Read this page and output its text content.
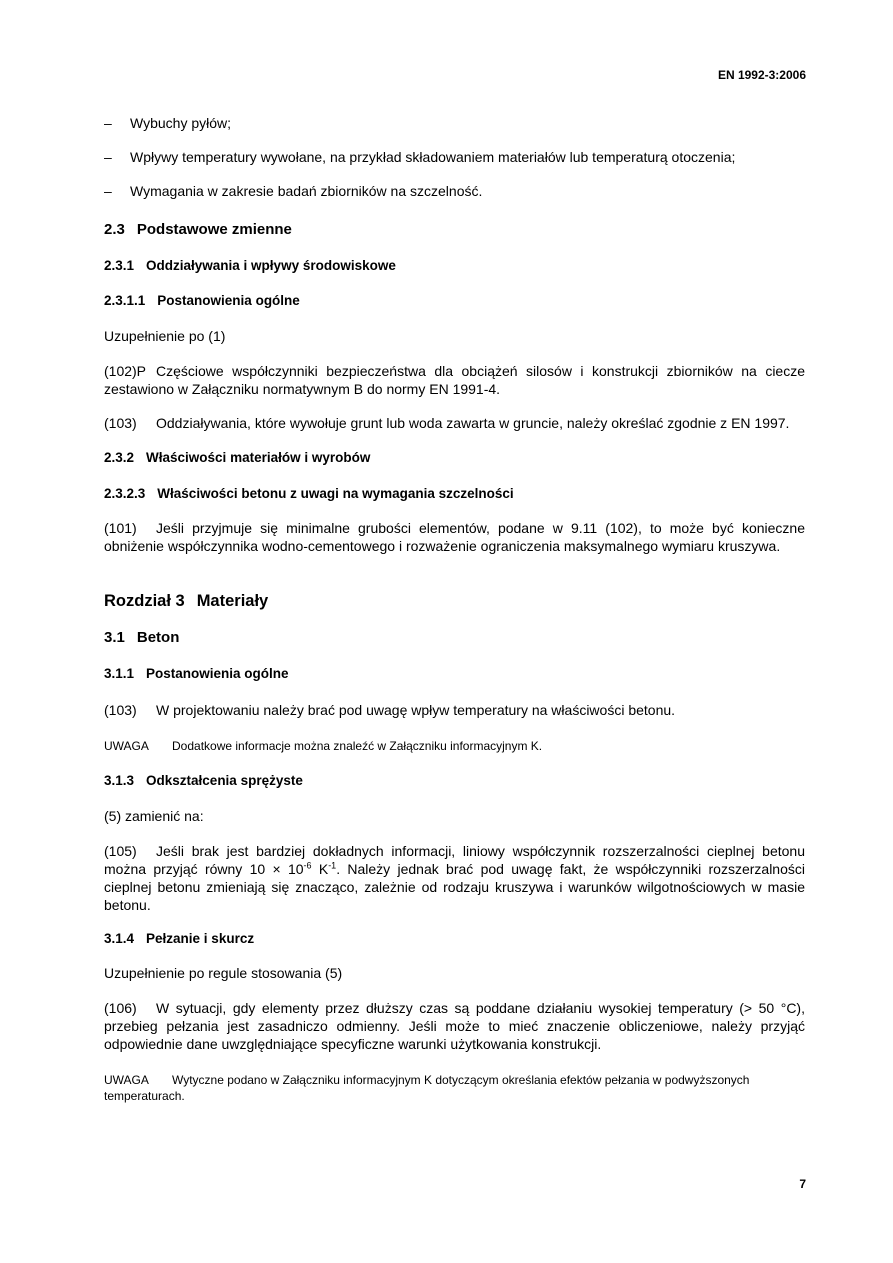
EN 1992-3:2006
– Wybuchy pyłów;
– Wpływy temperatury wywołane, na przykład składowaniem materiałów lub temperaturą otoczenia;
– Wymagania w zakresie badań zbiorników na szczelność.
2.3 Podstawowe zmienne
2.3.1 Oddziaływania i wpływy środowiskowe
2.3.1.1 Postanowienia ogólne

Uzupełnienie po (1)

(102)P Częściowe współczynniki bezpieczeństwa dla obciążeń silosów i konstrukcji zbiorników na ciecze zestawiono w Załączniku normatywnym B do normy EN 1991-4.

(103) Oddziaływania, które wywołuje grunt lub woda zawarta w gruncie, należy określać zgodnie z EN 1997.

2.3.2 Właściwości materiałów i wyrobów
2.3.2.3 Właściwości betonu z uwagi na wymagania szczelności

(101) Jeśli przyjmuje się minimalne grubości elementów, podane w 9.11 (102), to może być konieczne obniżenie współczynnika wodno-cementowego i rozważenie ograniczenia maksymalnego wymiaru kruszywa.

Rozdział 3 Materiały
3.1 Beton
3.1.1 Postanowienia ogólne

(103) W projektowaniu należy brać pod uwagę wpływ temperatury na właściwości betonu.

UWAGA Dodatkowe informacje można znaleźć w Załączniku informacyjnym K.

3.1.3 Odkształcenia sprężyste

(5) zamienić na:

(105) Jeśli brak jest bardziej dokładnych informacji, liniowy współczynnik rozszerzalności cieplnej betonu można przyjąć równy $10 \times 10^{-6}$ $K^{-1}$. Należy jednak brać pod uwagę fakt, że współczynniki rozszerzalności cieplnej betonu zmieniają się znacząco, zależnie od rodzaju kruszywa i warunków wilgotnościowych w masie betonu.

3.1.4 Pełzanie i skurcz

Uzupełnienie po regule stosowania (5)

(106) W sytuacji, gdy elementy przez dłuższy czas są poddane działaniu wysokiej temperatury (> 50 °C), przebieg pełzania jest zasadniczo odmienny. Jeśli może to mieć znaczenie obliczeniowe, należy przyjąć odpowiednie dane uwzględniające specyficzne warunki użytkowania konstrukcji.

UWAGA Wytyczne podano w Załączniku informacyjnym K dotyczącym określania efektów pełzania w podwyższonych temperaturach.

7
